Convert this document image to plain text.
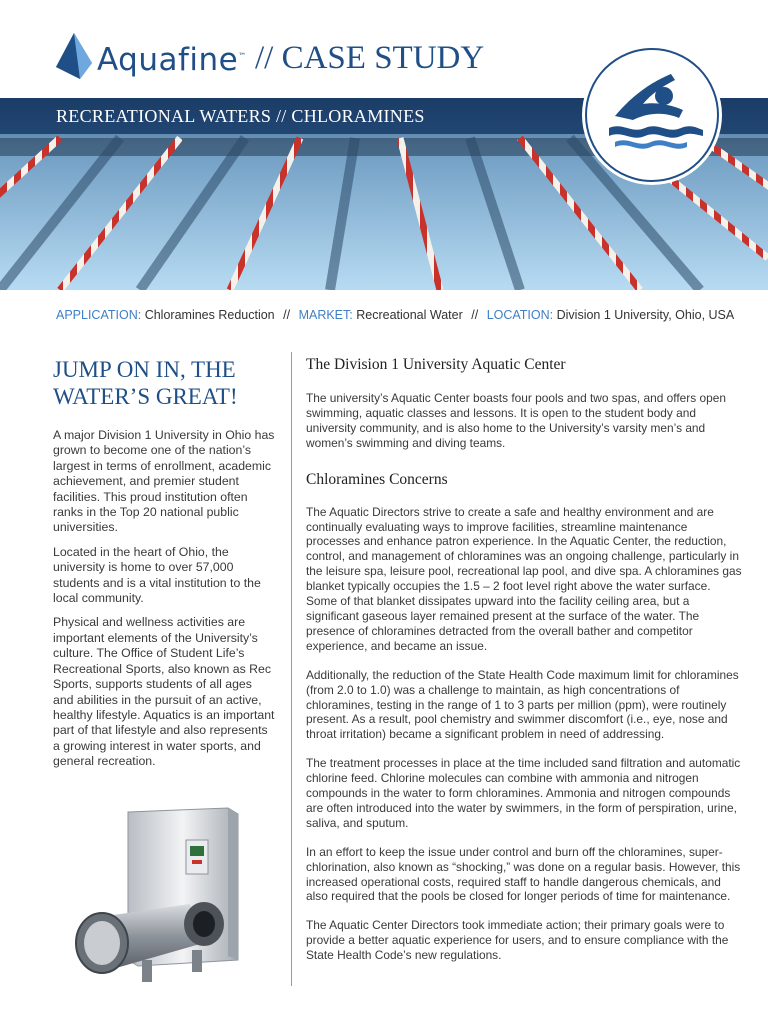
Aquafine™ // CASE STUDY
RECREATIONAL WATERS // CHLORAMINES
APPLICATION: Chloramines Reduction // MARKET: Recreational Water // LOCATION: Division 1 University, Ohio, USA
JUMP ON IN, THE WATER’S GREAT!

A major Division 1 University in Ohio has grown to become one of the nation’s largest in terms of enrollment, academic achievement, and premier student facilities. This proud institution often ranks in the Top 20 national public universities.

Located in the heart of Ohio, the university is home to over 57,000 students and is a vital institution to the local community.

Physical and wellness activities are important elements of the University’s culture. The Office of Student Life’s Recreational Sports, also known as Rec Sports, supports students of all ages and abilities in the pursuit of an active, healthy lifestyle. Aquatics is an important part of that lifestyle and also represents a growing interest in water sports, and general recreation.

The Division 1 University Aquatic Center

The university’s Aquatic Center boasts four pools and two spas, and offers open swimming, aquatic classes and lessons. It is open to the student body and university community, and is also home to the University’s varsity men’s and women’s swimming and diving teams.

Chloramines Concerns

The Aquatic Directors strive to create a safe and healthy environment and are continually evaluating ways to improve facilities, streamline maintenance processes and enhance patron experience. In the Aquatic Center, the reduction, control, and management of chloramines was an ongoing challenge, particularly in the leisure spa, leisure pool, recreational lap pool, and dive spa. A chloramines gas blanket typically occupies the 1.5 – 2 foot level right above the water surface. Some of that blanket dissipates upward into the facility ceiling area, but a significant gaseous layer remained present at the surface of the water. The presence of chloramines detracted from the overall bather and competitor experience, and became an issue.

Additionally, the reduction of the State Health Code maximum limit for chloramines (from 2.0 to 1.0) was a challenge to maintain, as high concentrations of chloramines, testing in the range of 1 to 3 parts per million (ppm), were routinely present. As a result, pool chemistry and swimmer discomfort (i.e., eye, nose and throat irritation) became a significant problem in need of addressing.

The treatment processes in place at the time included sand filtration and automatic chlorine feed. Chlorine molecules can combine with ammonia and nitrogen compounds in the water to form chloramines. Ammonia and nitrogen compounds are often introduced into the water by swimmers, in the form of perspiration, urine, saliva, and sputum.

In an effort to keep the issue under control and burn off the chloramines, super-chlorination, also known as “shocking,” was done on a regular basis. However, this increased operational costs, required staff to handle dangerous chemicals, and also required that the pools be closed for longer periods of time for maintenance.

The Aquatic Center Directors took immediate action; their primary goals were to provide a better aquatic experience for users, and to ensure compliance with the State Health Code’s new regulations.
